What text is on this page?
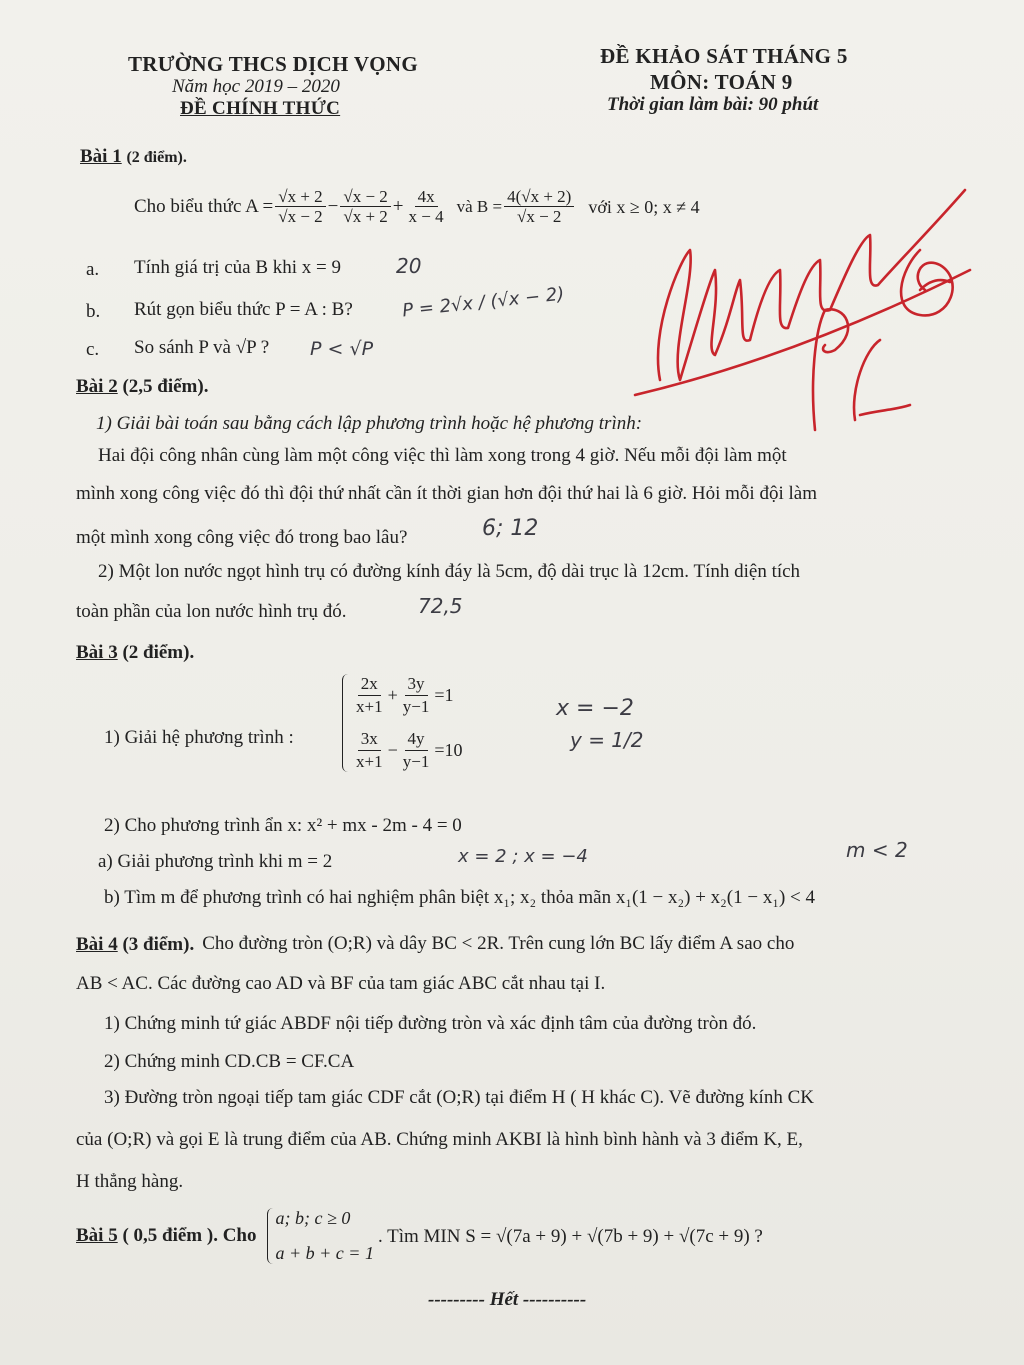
TRƯỜNG THCS DỊCH VỌNG
Năm học 2019 – 2020
ĐỀ CHÍNH THỨC
ĐỀ KHẢO SÁT THÁNG 5
MÔN: TOÁN 9
Thời gian làm bài: 90 phút
Bài 1 (2 điểm).
Cho biểu thức $A = \frac{√x + 2}{√x - 2} - \frac{√x - 2}{√x + 2} + \frac{4x}{x - 4}$ và $B = \frac{4(√x + 2)}{√x - 2}$ với x ≥ 0; x ≠ 4
a. Tính giá trị của B khi x = 9
b. Rút gọn biểu thức P = A : B?
c. So sánh P và √P ?
20
P = 2√x / (√x − 2)
P < √P
Bài 2 (2,5 điểm).
1) Giải bài toán sau bằng cách lập phương trình hoặc hệ phương trình:
Hai đội công nhân cùng làm một công việc thì làm xong trong 4 giờ. Nếu mỗi đội làm một
mình xong công việc đó thì đội thứ nhất cần ít thời gian hơn đội thứ hai là 6 giờ. Hỏi mỗi đội làm
một mình xong công việc đó trong bao lâu?	6; 12
2) Một lon nước ngọt hình trụ có đường kính đáy là 5cm, độ dài trục là 12cm. Tính diện tích
toàn phần của lon nước hình trụ đó.	72,5
Bài 3 (2 điểm).
1) Giải hệ phương trình :
$\frac{2x}{x+1} + \frac{3y}{y-1} =1$
$\frac{3x}{x+1} - \frac{4y}{y-1} =10$
x = −2
y = 1/2
2) Cho phương trình ẩn x: x² + mx - 2m - 4 = 0
a) Giải phương trình khi m = 2	x = 2 ; x = −4	m < 2
b) Tìm m để phương trình có hai nghiệm phân biệt x₁; x₂ thỏa mãn x₁(1 − x₂) + x₂(1 − x₁) < 4
Bài 4 (3 điểm). Cho đường tròn (O;R) và dây BC < 2R. Trên cung lớn BC lấy điểm A sao cho
AB < AC. Các đường cao AD và BF của tam giác ABC cắt nhau tại I.
1) Chứng minh tứ giác ABDF nội tiếp đường tròn và xác định tâm của đường tròn đó.
2) Chứng minh CD.CB = CF.CA
3) Đường tròn ngoại tiếp tam giác CDF cắt (O;R) tại điểm H ( H khác C). Vẽ đường kính CK
của (O;R) và gọi E là trung điểm của AB. Chứng minh AKBI là hình bình hành và 3 điểm K, E,
H thẳng hàng.
Bài 5 ( 0,5 điểm ). Cho
a; b; c ≥ 0
a + b + c = 1
. Tìm MIN S = √(7a + 9) + √(7b + 9) + √(7c + 9) ?
--------- Hết ----------
